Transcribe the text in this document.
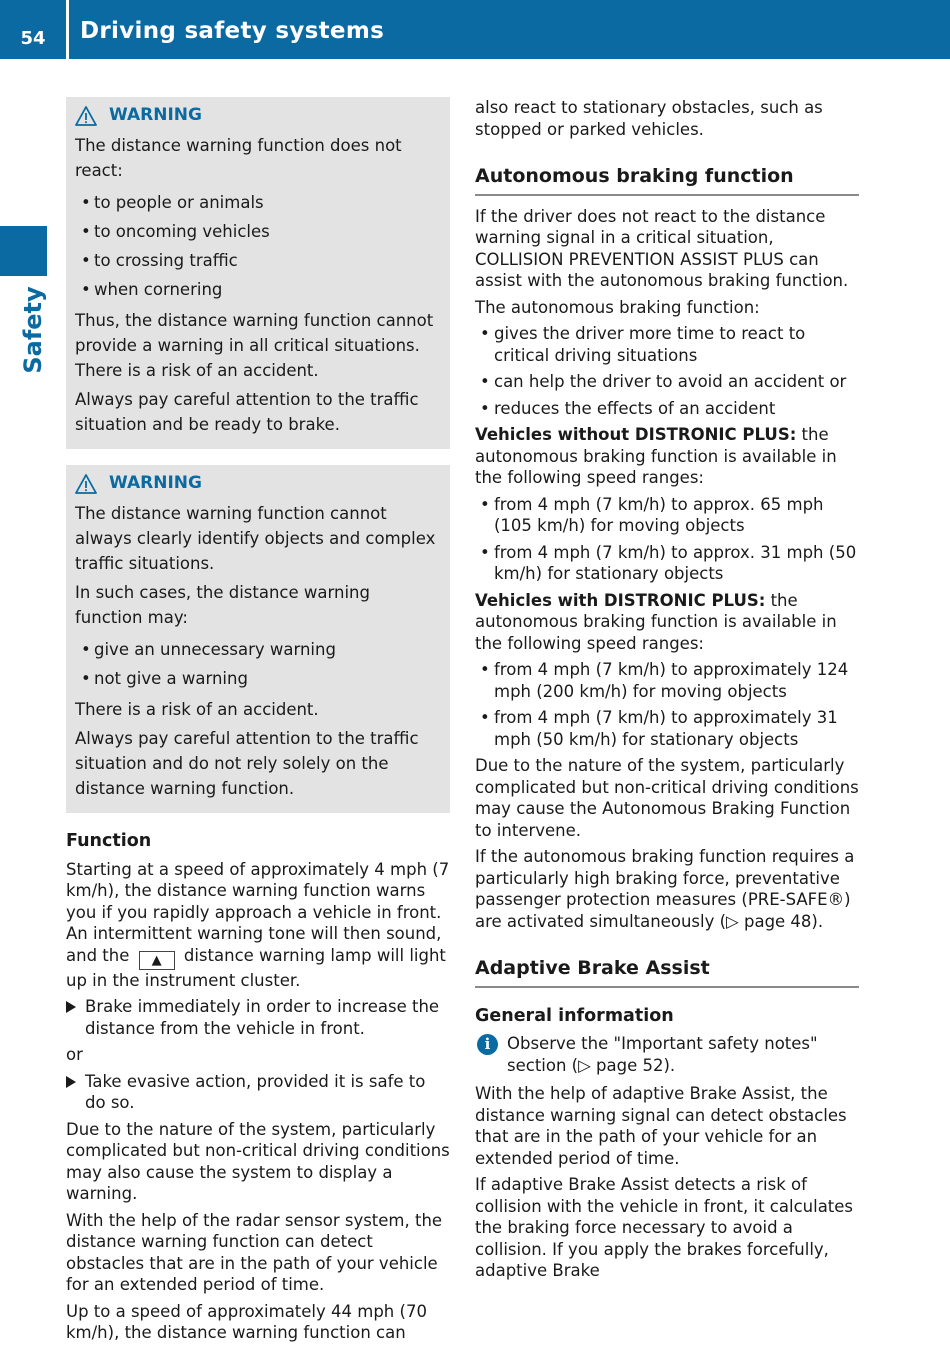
54	Driving safety systems
Safety
WARNING

The distance warning function does not react:

• to people or animals
• to oncoming vehicles
• to crossing traffic
• when cornering

Thus, the distance warning function cannot provide a warning in all critical situations. There is a risk of an accident.

Always pay careful attention to the traffic situation and be ready to brake.

WARNING

The distance warning function cannot always clearly identify objects and complex traffic situations.

In such cases, the distance warning function may:

• give an unnecessary warning
• not give a warning

There is a risk of an accident.

Always pay careful attention to the traffic situation and do not rely solely on the distance warning function.

Function

Starting at a speed of approximately 4 mph (7 km/h), the distance warning function warns you if you rapidly approach a vehicle in front. An intermittent warning tone will then sound, and the ▲ distance warning lamp will light up in the instrument cluster.

Brake immediately in order to increase the distance from the vehicle in front.

or

Take evasive action, provided it is safe to do so.

Due to the nature of the system, particularly complicated but non-critical driving conditions may also cause the system to display a warning.

With the help of the radar sensor system, the distance warning function can detect obstacles that are in the path of your vehicle for an extended period of time.

Up to a speed of approximately 44 mph (70 km/h), the distance warning function can

also react to stationary obstacles, such as stopped or parked vehicles.

Autonomous braking function

If the driver does not react to the distance warning signal in a critical situation, COLLISION PREVENTION ASSIST PLUS can assist with the autonomous braking function.

The autonomous braking function:

• gives the driver more time to react to critical driving situations
• can help the driver to avoid an accident or
• reduces the effects of an accident

Vehicles without DISTRONIC PLUS: the autonomous braking function is available in the following speed ranges:

• from 4 mph (7 km/h) to approx. 65 mph (105 km/h) for moving objects
• from 4 mph (7 km/h) to approx. 31 mph (50 km/h) for stationary objects

Vehicles with DISTRONIC PLUS: the autonomous braking function is available in the following speed ranges:

• from 4 mph (7 km/h) to approximately 124 mph (200 km/h) for moving objects
• from 4 mph (7 km/h) to approximately 31 mph (50 km/h) for stationary objects

Due to the nature of the system, particularly complicated but non-critical driving conditions may cause the Autonomous Braking Function to intervene.

If the autonomous braking function requires a particularly high braking force, preventative passenger protection measures (PRE-SAFE®) are activated simultaneously (▷ page 48).

Adaptive Brake Assist
General information
i	Observe the "Important safety notes" section (▷ page 52).

With the help of adaptive Brake Assist, the distance warning signal can detect obstacles that are in the path of your vehicle for an extended period of time.

If adaptive Brake Assist detects a risk of collision with the vehicle in front, it calculates the braking force necessary to avoid a collision. If you apply the brakes forcefully, adaptive Brake
